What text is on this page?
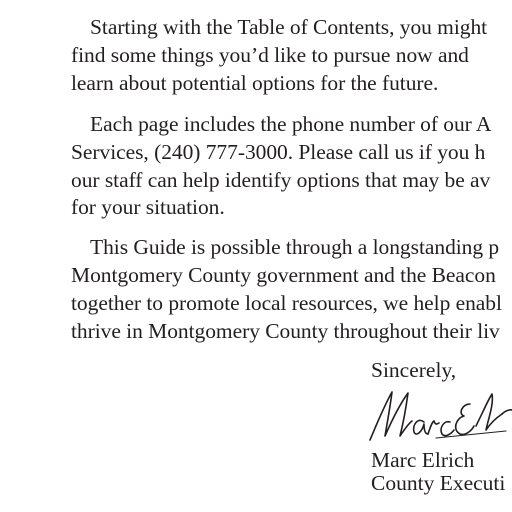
Starting with the Table of Contents, you might
find some things you’d like to pursue now and
learn about potential options for the future.
Each page includes the phone number of our A
Services, (240) 777-3000. Please call us if you h
our staff can help identify options that may be av
for your situation.
This Guide is possible through a longstanding p
Montgomery County government and the Beacon
together to promote local resources, we help enabl
thrive in Montgomery County throughout their liv
Sincerely,
Marc Elrich
County Executi
